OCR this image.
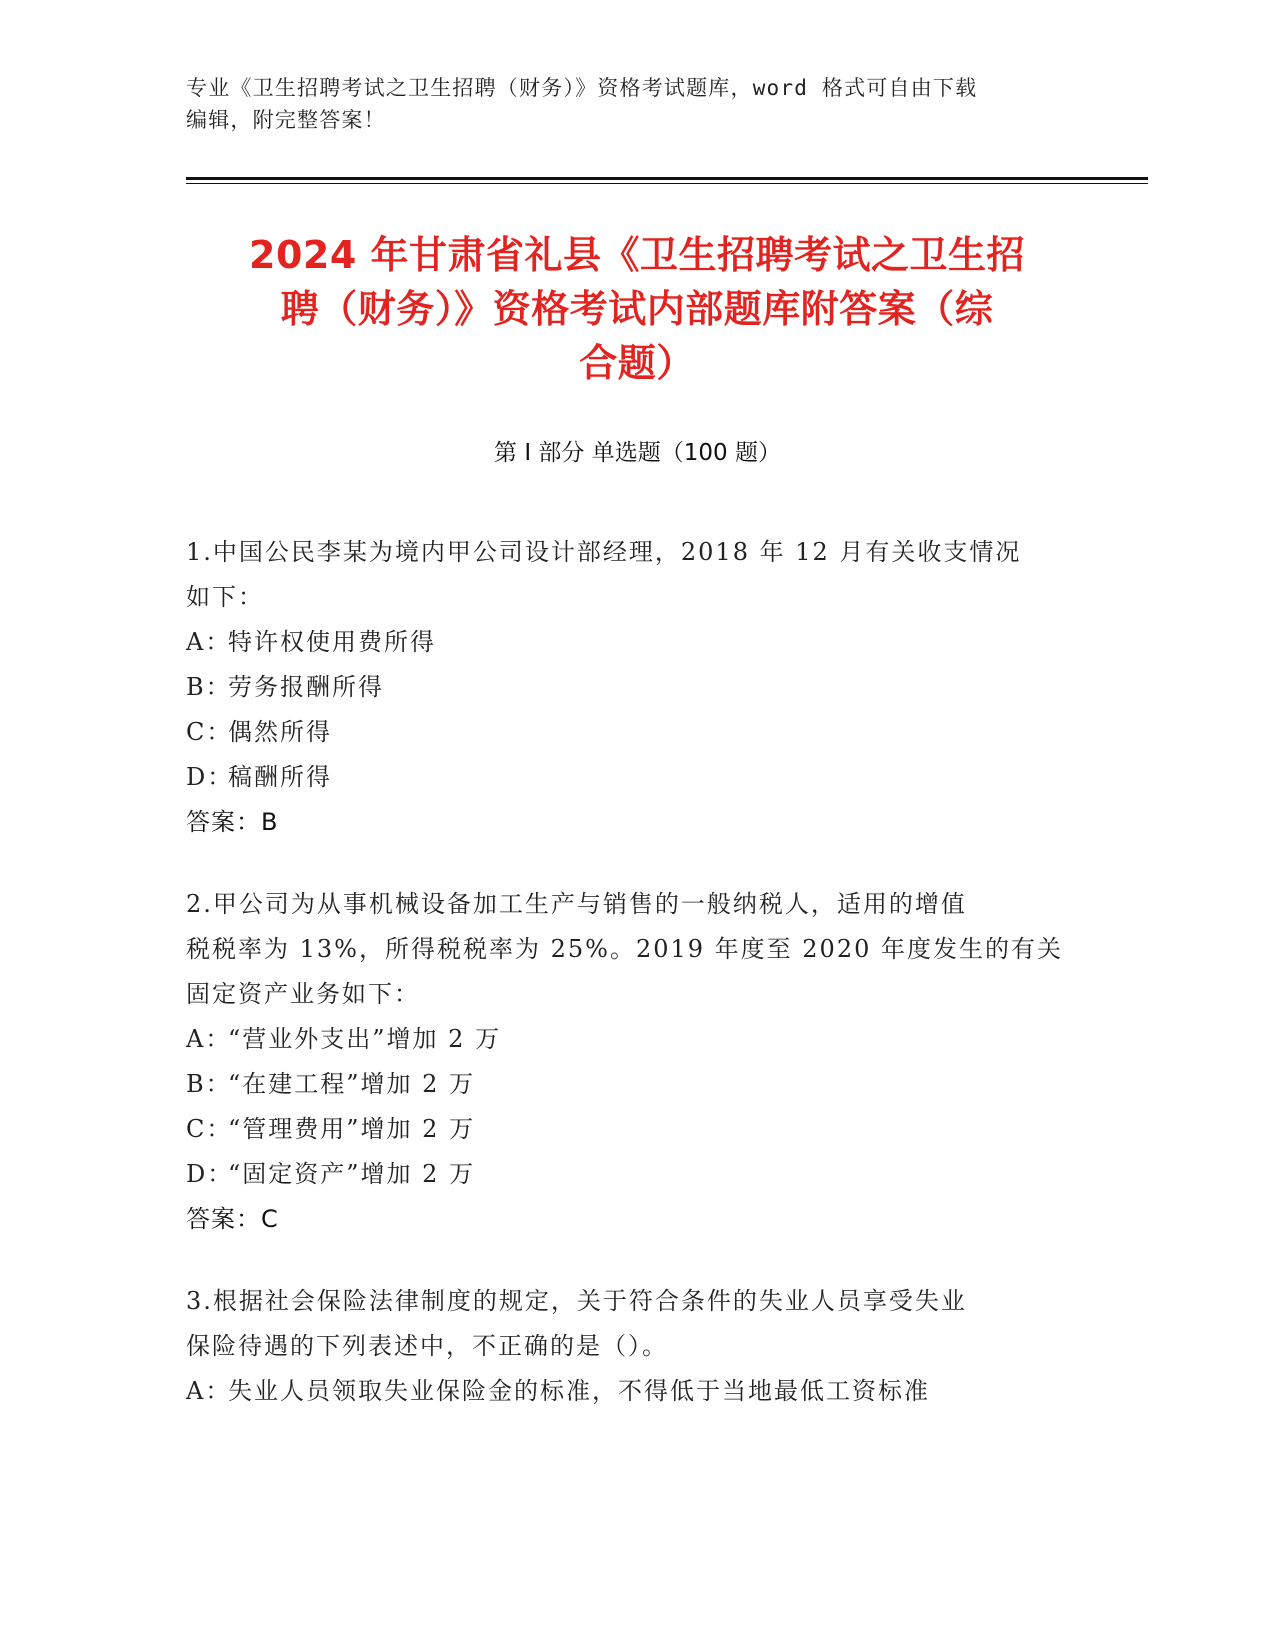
专业《卫生招聘考试之卫生招聘（财务）》资格考试题库，word 格式可自由下载
编辑，附完整答案！
2024 年甘肃省礼县《卫生招聘考试之卫生招
聘（财务）》资格考试内部题库附答案（综
合题）
第 I 部分 单选题（100 题）
1.中国公民李某为境内甲公司设计部经理，2018 年 12 月有关收支情况
如下：
A：特许权使用费所得
B：劳务报酬所得
C：偶然所得
D：稿酬所得
答案：B
2.甲公司为从事机械设备加工生产与销售的一般纳税人，适用的增值
税税率为 13%，所得税税率为 25%。2019 年度至 2020 年度发生的有关
固定资产业务如下：
A：“营业外支出”增加 2 万
B：“在建工程”增加 2 万
C：“管理费用”增加 2 万
D：“固定资产”增加 2 万
答案：C
3.根据社会保险法律制度的规定，关于符合条件的失业人员享受失业
保险待遇的下列表述中，不正确的是（）。
A：失业人员领取失业保险金的标准，不得低于当地最低工资标准
